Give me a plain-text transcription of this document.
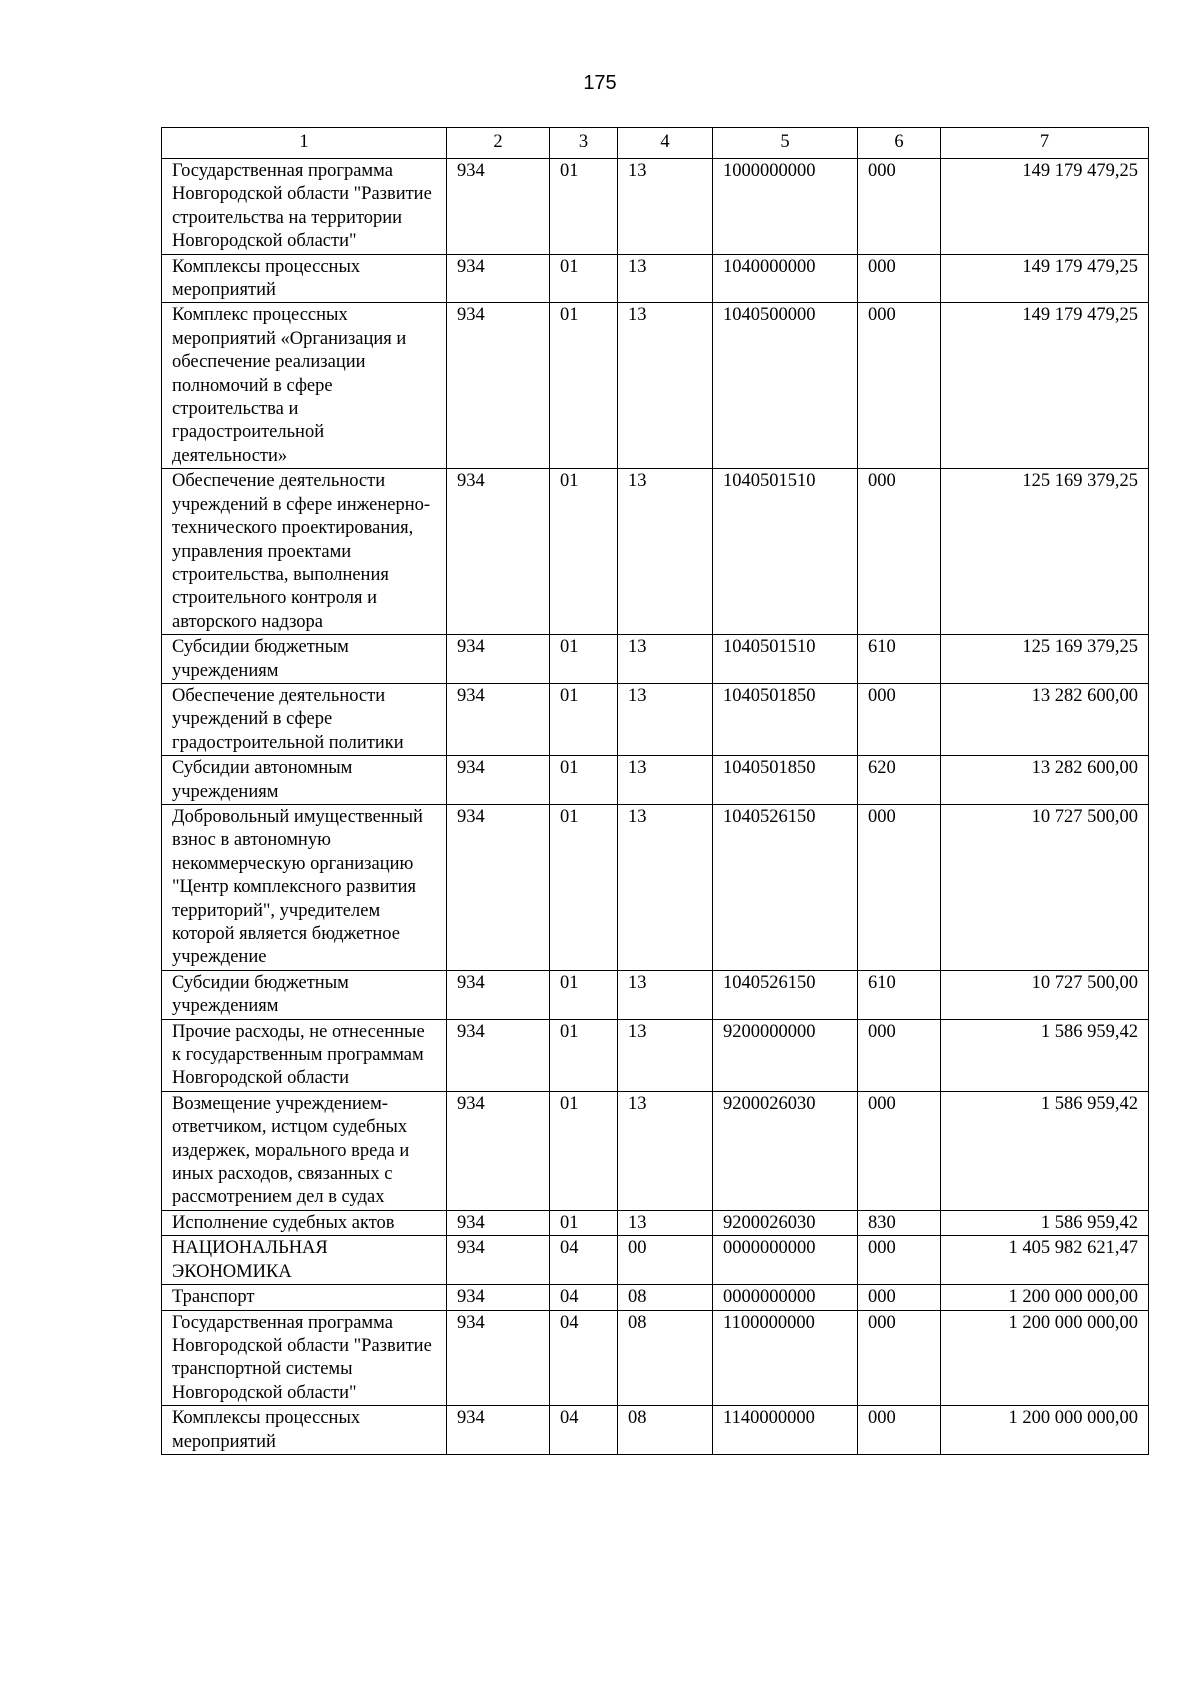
175
1	2	3	4	5	6	7
Государственная программа Новгородской области "Развитие строительства на территории Новгородской области"	934	01	13	1000000000	000	149 179 479,25
Комплексы процессных мероприятий	934	01	13	1040000000	000	149 179 479,25
Комплекс процессных мероприятий «Организация и обеспечение реализации полномочий в сфере строительства и градостроительной деятельности»	934	01	13	1040500000	000	149 179 479,25
Обеспечение деятельности учреждений в сфере инженерно-технического проектирования, управления проектами строительства, выполнения строительного контроля и авторского надзора	934	01	13	1040501510	000	125 169 379,25
Субсидии бюджетным учреждениям	934	01	13	1040501510	610	125 169 379,25
Обеспечение деятельности учреждений в сфере градостроительной политики	934	01	13	1040501850	000	13 282 600,00
Субсидии автономным учреждениям	934	01	13	1040501850	620	13 282 600,00
Добровольный имущественный взнос в автономную некоммерческую организацию "Центр комплексного развития территорий", учредителем которой является бюджетное учреждение	934	01	13	1040526150	000	10 727 500,00
Субсидии бюджетным учреждениям	934	01	13	1040526150	610	10 727 500,00
Прочие расходы, не отнесенные к государственным программам Новгородской области	934	01	13	9200000000	000	1 586 959,42
Возмещение учреждением-ответчиком, истцом судебных издержек, морального вреда и иных расходов, связанных с рассмотрением дел в судах	934	01	13	9200026030	000	1 586 959,42
Исполнение судебных актов	934	01	13	9200026030	830	1 586 959,42
НАЦИОНАЛЬНАЯ ЭКОНОМИКА	934	04	00	0000000000	000	1 405 982 621,47
Транспорт	934	04	08	0000000000	000	1 200 000 000,00
Государственная программа Новгородской области "Развитие транспортной системы Новгородской области"	934	04	08	1100000000	000	1 200 000 000,00
Комплексы процессных мероприятий	934	04	08	1140000000	000	1 200 000 000,00
